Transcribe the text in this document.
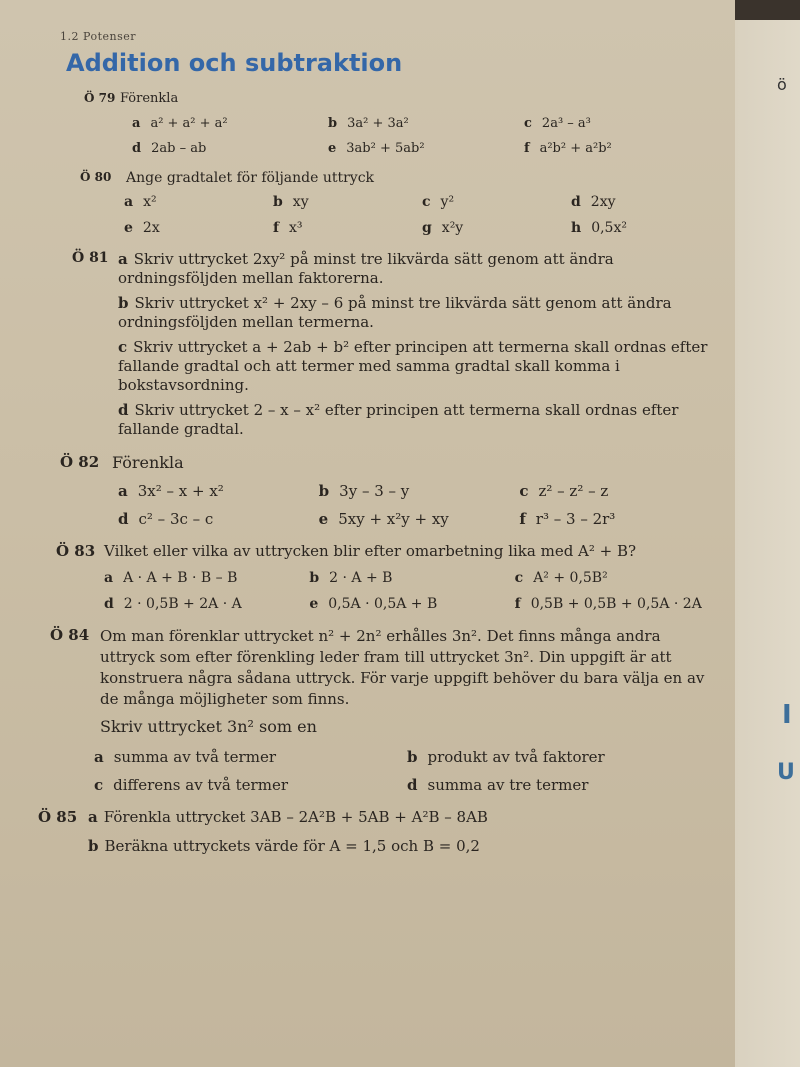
ö
I
U
1.2 Potenser
Addition och subtraktion
Ö 79 Förenkla
a a² + a² + a²	b 3a² + 3a²	c 2a³ – a³
d 2ab – ab	e 3ab² + 5ab²	f a²b² + a²b²
Ö 80 Ange gradtalet för följande uttryck
a x²	b xy	c y²	d 2xy
e 2x	f x³	g x²y	h 0,5x²
Ö 81 a Skriv uttrycket 2xy² på minst tre likvärda sätt genom att ändra ordningsföljden mellan faktorerna.
b Skriv uttrycket x² + 2xy – 6 på minst tre likvärda sätt genom att ändra ordningsföljden mellan termerna.
c Skriv uttrycket a + 2ab + b² efter principen att termerna skall ordnas efter fallande gradtal och att termer med samma gradtal skall komma i bokstavsordning.
d Skriv uttrycket 2 – x – x² efter principen att termerna skall ordnas efter fallande gradtal.
Ö 82 Förenkla
a 3x² – x + x²	b 3y – 3 – y	c z² – z² – z
d c² – 3c – c	e 5xy + x²y + xy	f r³ – 3 – 2r³
Ö 83 Vilket eller vilka av uttrycken blir efter omarbetning lika med A² + B?
a A · A + B · B – B	b 2 · A + B	c A² + 0,5B²
d 2 · 0,5B + 2A · A	e 0,5A · 0,5A + B	f 0,5B + 0,5B + 0,5A · 2A
Ö 84 Om man förenklar uttrycket n² + 2n² erhålles 3n². Det finns många andra uttryck som efter förenkling leder fram till uttrycket 3n². Din uppgift är att konstruera några sådana uttryck. För varje uppgift behöver du bara välja en av de många möjligheter som finns.
Skriv uttrycket 3n² som en
a summa av två termer	b produkt av två faktorer
c differens av två termer	d summa av tre termer
Ö 85 a Förenkla uttrycket 3AB – 2A²B + 5AB + A²B – 8AB
b Beräkna uttryckets värde för A = 1,5 och B = 0,2
